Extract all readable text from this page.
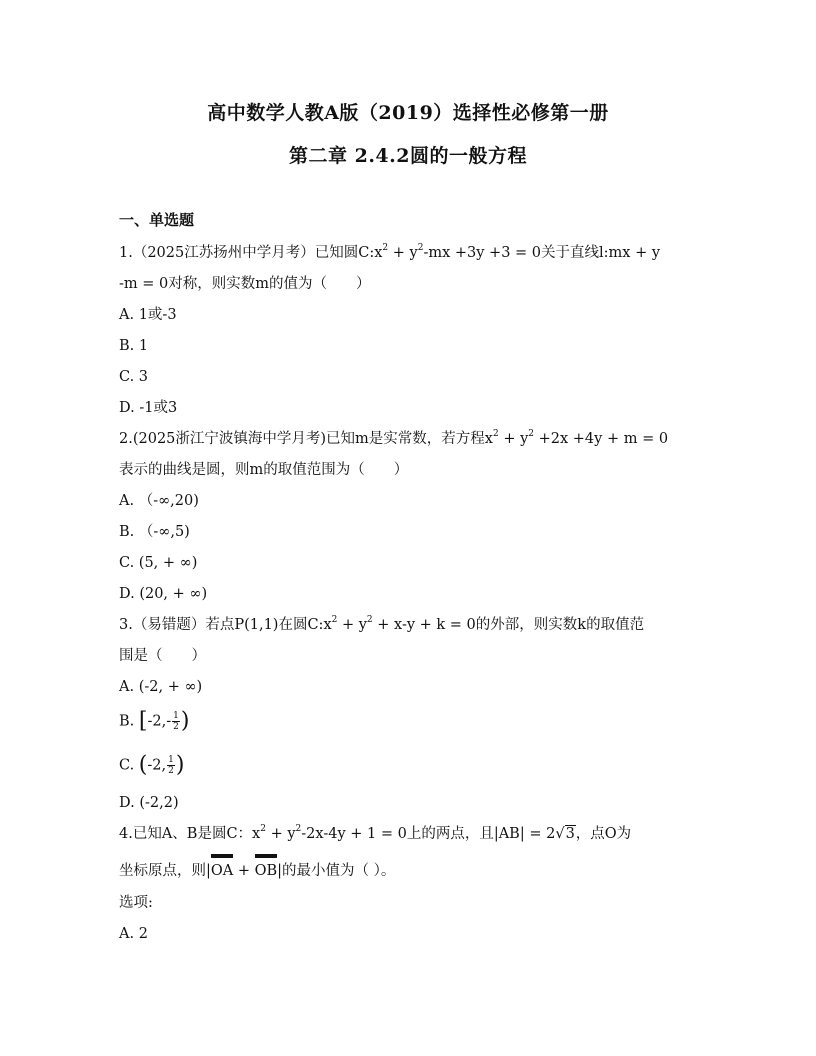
高中数学人教A版（2019）选择性必修第一册
第二章 2.4.2圆的一般方程
一、单选题
1.（2025江苏扬州中学月考）已知圆$C:x^2 + y^2-mx +3y +3 = 0$关于直线l:mx + y
-m = 0对称，则实数m的值为（　　）
A. 1或-3
B. 1
C. 3
D. -1或3
2.(2025浙江宁波镇海中学月考)已知m是实常数，若方程$x^2 + y^2 +2x +4y + m = 0$
表示的曲线是圆，则m的取值范围为（　　）
A. （-∞,20)
B. （-∞,5)
C. (5, + ∞)
D. (20, + ∞)
3.（易错题）若点P(1,1)在圆$C:x^2 + y^2 + x-y + k = 0$的外部，则实数k的取值范
围是（　　）
A. (-2, + ∞)
B. [$-2,- \frac{1}{2}$ )
C. (-2, $\frac{1}{2}$ )
D. (-2,2)
4.已知A、B是圆C：$x^2 + y^2-2x-4y + 1 = 0$上的两点，且|AB| = 2√3，点O为
坐标原点，则|
OA +
OB|的最小值为（ ）。
选项:
A. 2
